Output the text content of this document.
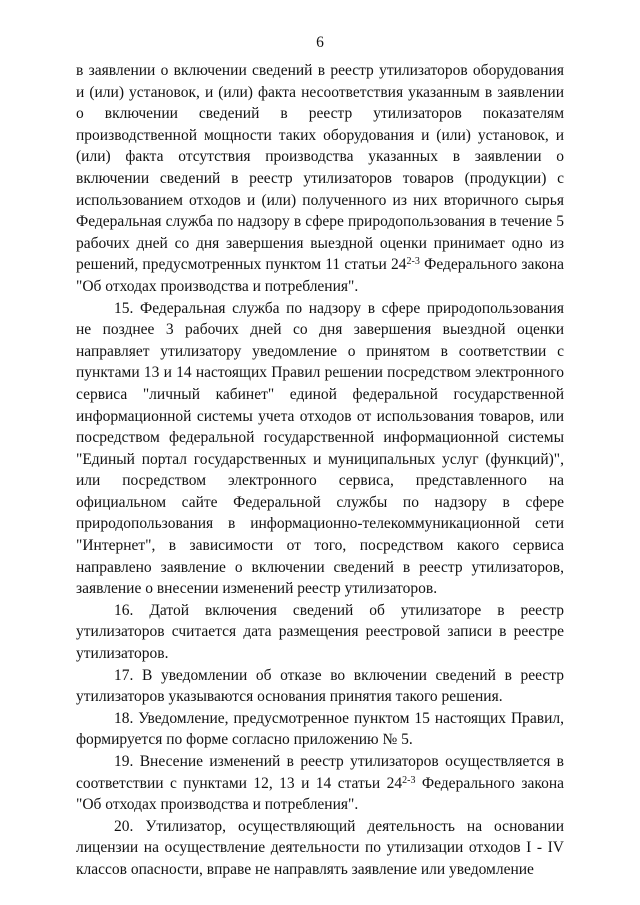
6

в заявлении о включении сведений в реестр утилизаторов оборудования и (или) установок, и (или) факта несоответствия указанным в заявлении о включении сведений в реестр утилизаторов показателям производственной мощности таких оборудования и (или) установок, и (или) факта отсутствия производства указанных в заявлении о включении сведений в реестр утилизаторов товаров (продукции) с использованием отходов и (или) полученного из них вторичного сырья Федеральная служба по надзору в сфере природопользования в течение 5 рабочих дней со дня завершения выездной оценки принимает одно из решений, предусмотренных пунктом 11 статьи 24$^{2-3}$ Федерального закона "Об отходах производства и потребления".

15. Федеральная служба по надзору в сфере природопользования не позднее 3 рабочих дней со дня завершения выездной оценки направляет утилизатору уведомление о принятом в соответствии с пунктами 13 и 14 настоящих Правил решении посредством электронного сервиса "личный кабинет" единой федеральной государственной информационной системы учета отходов от использования товаров, или посредством федеральной государственной информационной системы "Единый портал государственных и муниципальных услуг (функций)", или посредством электронного сервиса, представленного на официальном сайте Федеральной службы по надзору в сфере природопользования в информационно-телекоммуникационной сети "Интернет", в зависимости от того, посредством какого сервиса направлено заявление о включении сведений в реестр утилизаторов, заявление о внесении изменений реестр утилизаторов.

16. Датой включения сведений об утилизаторе в реестр утилизаторов считается дата размещения реестровой записи в реестре утилизаторов.

17. В уведомлении об отказе во включении сведений в реестр утилизаторов указываются основания принятия такого решения.

18. Уведомление, предусмотренное пунктом 15 настоящих Правил, формируется по форме согласно приложению № 5.

19. Внесение изменений в реестр утилизаторов осуществляется в соответствии с пунктами 12, 13 и 14 статьи 24$^{2-3}$ Федерального закона "Об отходах производства и потребления".

20. Утилизатор, осуществляющий деятельность на основании лицензии на осуществление деятельности по утилизации отходов I - IV классов опасности, вправе не направлять заявление или уведомление
